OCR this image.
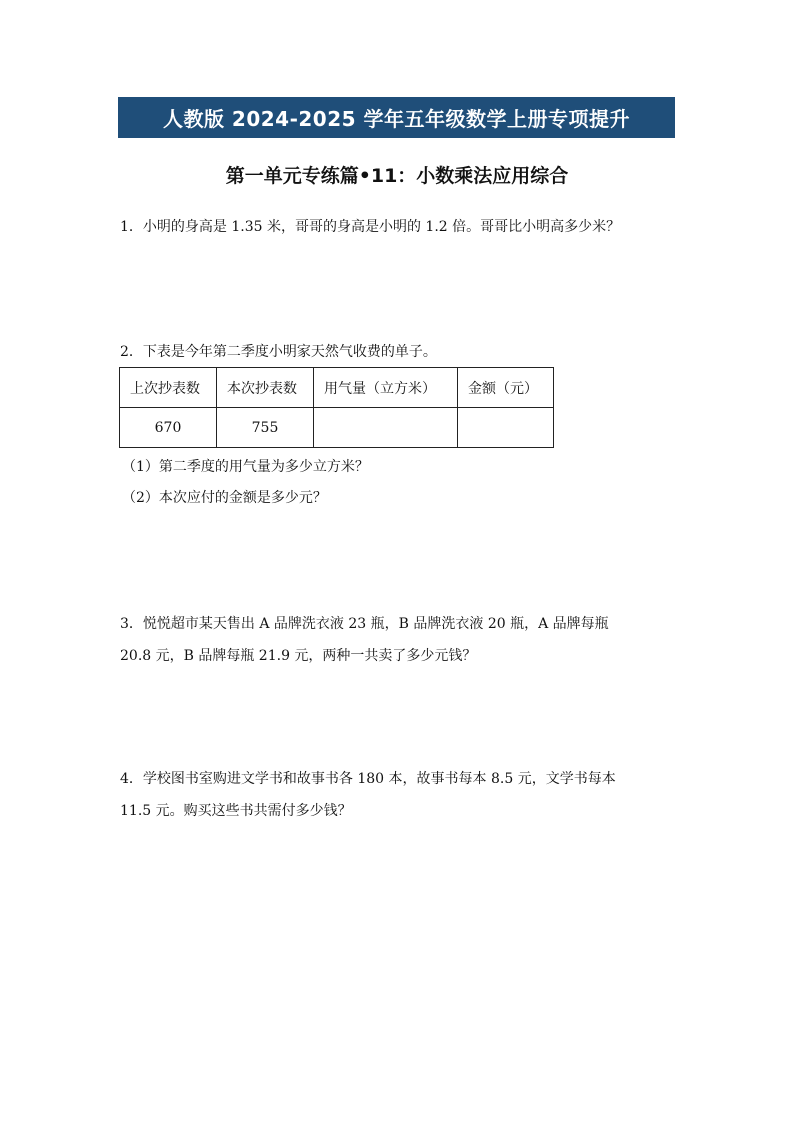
人教版 2024-2025 学年五年级数学上册专项提升
第一单元专练篇•11：小数乘法应用综合
1．小明的身高是 1.35 米，哥哥的身高是小明的 1.2 倍。哥哥比小明高多少米？
2．下表是今年第二季度小明家天然气收费的单子。
上次抄表数	本次抄表数	用气量（立方米）	金额（元）
670	755		
（1）第二季度的用气量为多少立方米？
（2）本次应付的金额是多少元？
3．悦悦超市某天售出 A 品牌洗衣液 23 瓶，B 品牌洗衣液 20 瓶，A 品牌每瓶
20.8 元，B 品牌每瓶 21.9 元，两种一共卖了多少元钱？
4．学校图书室购进文学书和故事书各 180 本，故事书每本 8.5 元，文学书每本
11.5 元。购买这些书共需付多少钱？
